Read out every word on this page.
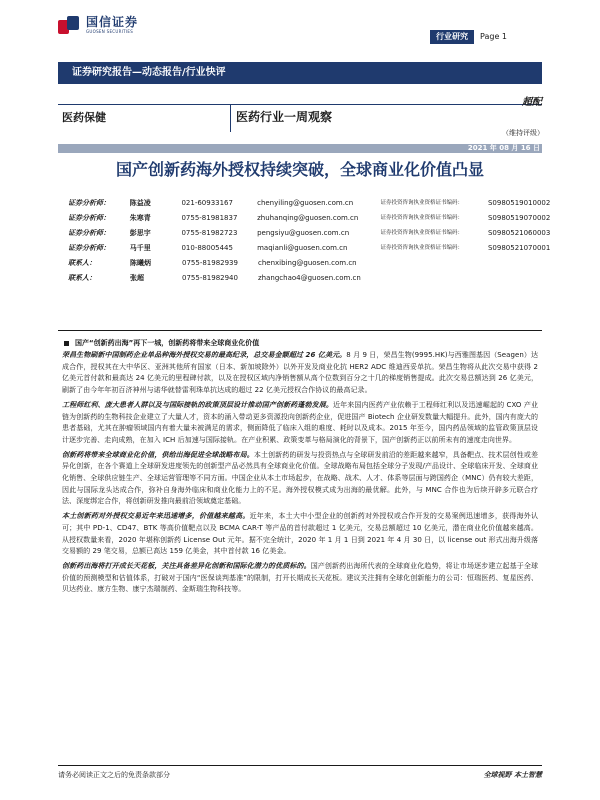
国信证券
GUOSEN SECURITIES
行业研究	Page 1
证券研究报告—动态报告/行业快评
医药保健	医药行业一周观察
超配
（维持评级）
2021 年 08 月 16 日
国产创新药海外授权持续突破，全球商业化价值凸显
证券分析师：	陈益凌	021-60933167	chenyiling@guosen.com.cn	证券投资咨询执业资格证书编码：	S0980519010002
证券分析师：	朱寒青	0755-81981837	zhuhanqing@guosen.com.cn	证券投资咨询执业资格证书编码：	S0980519070002
证券分析师：	彭思宇	0755-81982723	pengsiyu@guosen.com.cn	证券投资咨询执业资格证书编码：	S0980521060003
证券分析师：	马千里	010-88005445	maqianli@guosen.com.cn	证券投资咨询执业资格证书编码：	S0980521070001
联系人：	陈曦炳	0755-81982939	chenxibing@guosen.com.cn
联系人：	张超	0755-81982940	zhangchao4@guosen.com.cn
国产“创新药出海”再下一城，创新药将带来全球商业化价值

荣昌生物刷新中国制药企业单品种海外授权交易的最高纪录，总交易金额超过 26 亿美元。8 月 9 日，荣昌生物(9995.HK)与西雅图基因（Seagen）达成合作，授权其在大中华区、亚洲其他所有国家（日本、新加坡除外）以外开发及商业化抗 HER2 ADC 维迪西妥单抗。荣昌生物将从此次交易中获得 2 亿美元首付款和最高达 24 亿美元的里程碑付款，以及在授权区域内净销售额从高个位数到百分之十几的梯度销售提成。此次交易总额达到 26 亿美元，刷新了由今年年初百济神州与诺华就替雷利珠单抗达成的超过 22 亿美元授权合作协议的最高记录。

工程师红利、庞大患者人群以及与国际接轨的政策顶层设计推动国产创新药蓬勃发展。近年来国内医药产业依赖于工程师红利以及迅速崛起的 CXO 产业链为创新药的生物科技企业建立了大量人才，资本的涌入带动更多资源投向创新药企业，促进国产 Biotech 企业研发数量大幅提升。此外，国内有庞大的患者基础，尤其在肿瘤领域国内有着大量未被满足的需求，侧面降低了临床入组的难度、耗时以及成本。2015 年至今，国内药品领域的监管政策顶层设计逐步完善、走向成熟，在加入 ICH 后加速与国际接轨。在产业积累、政策变革与格局演化的背景下，国产创新药正以前所未有的速度走向世界。

创新药将带来全球商业化价值，供给出海促进全球战略布局。本土创新药的研发与投资热点与全球研发前沿的差距越来越窄，具备靶点、技术层创性或差异化创新，在各个赛道上全球研发进度领先的创新型产品必然具有全球商业化价值。全球战略布局包括全球分子发现/产品设计、全球临床开发、全球商业化销售、全球供应链生产、全球运营管理等不同方面。中国企业从本土市场起步，在战略、战术、人才、体系等层面与跨国药企（MNC）仍有较大差距，因此与国际龙头达成合作，弥补自身海外临床和商业化能力上的不足。海外授权模式成为出海的最优解。此外，与 MNC 合作也为后续开辟多元联合疗法、深度绑定合作，将创新研发推向最前沿领域奠定基础。

本土创新药对外授权交易近年来迅速增多，价值越来越高。近年来，本土大中小型企业的创新药对外授权或合作开发的交易案例迅速增多，获得海外认可；其中 PD-1、CD47、BTK 等高价值靶点以及 BCMA CAR-T 等产品的首付款超过 1 亿美元，交易总额超过 10 亿美元，潜在商业化价值越来越高。从授权数量来看，2020 年堪称创新药 License Out 元年。据不完全统计，2020 年 1 月 1 日到 2021 年 4 月 30 日，以 license out 形式出海升级落交易额的 29 笔交易，总额已高达 159 亿美金，其中首付款 16 亿美金。

创新药出海将打开成长天花板，关注具备差异化创新和国际化潜力的优质标的。国产创新药出海所代表的全球商业化趋势，将让市场逐步建立起基于全球价值的预测模型和估值体系，打破对于国内“医保谈判基准”的限制，打开长期成长天花板。建议关注拥有全球化创新能力的公司：恒瑞医药、复星医药、贝达药业、康方生物、康宁杰瑞制药、金斯瑞生物科技等。

请务必阅读正文之后的免责条款部分	全球视野 本土智慧
